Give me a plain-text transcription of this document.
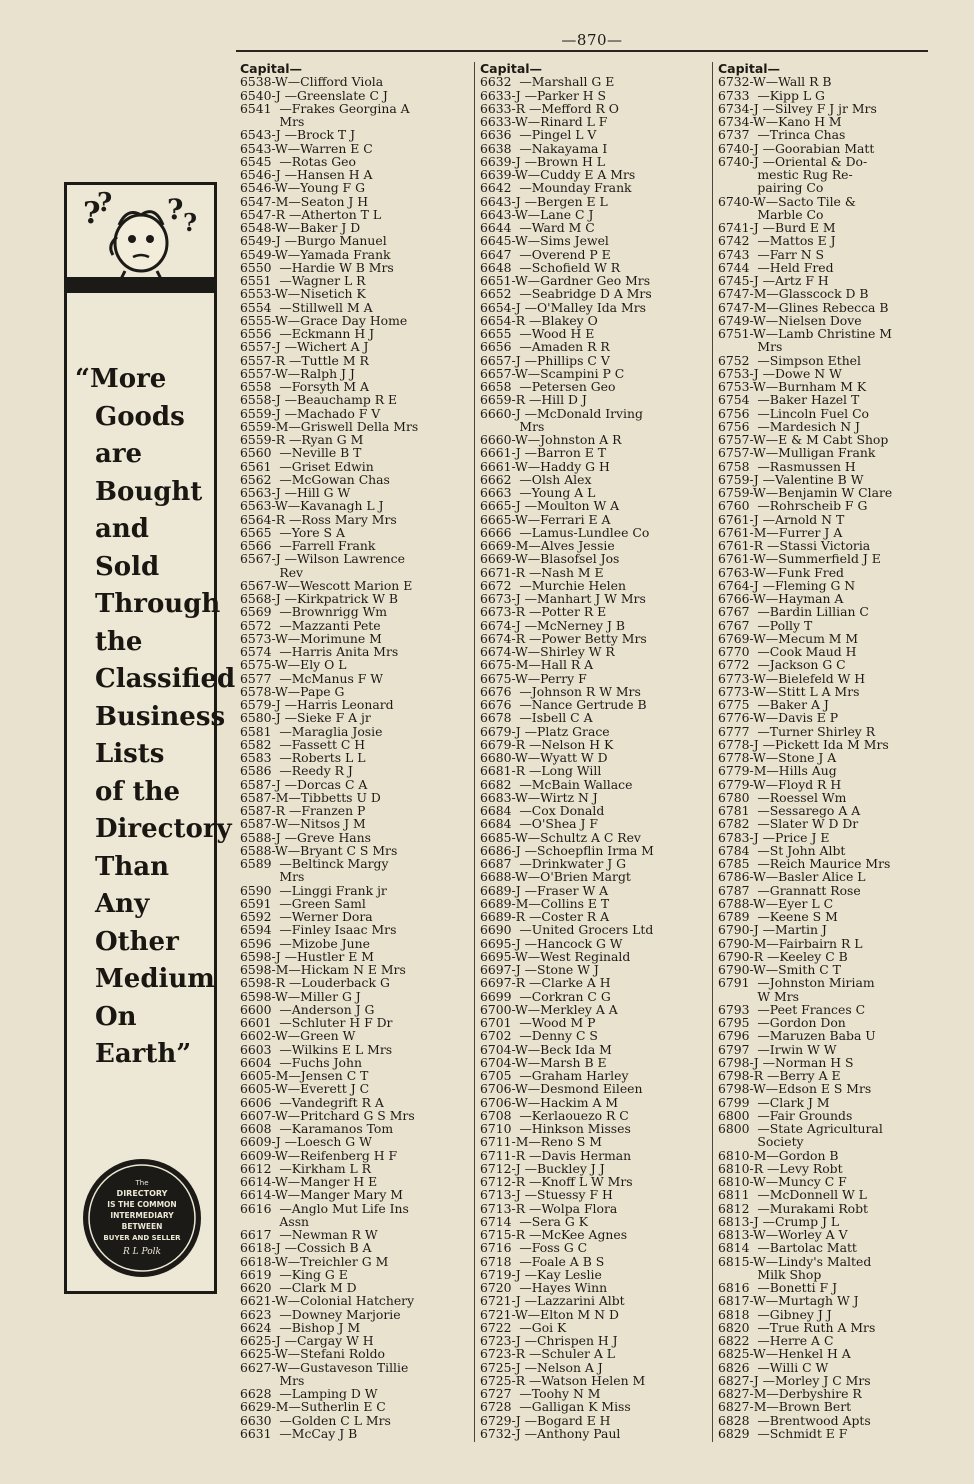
—870—
?
? ? ?
“More
Goods
are
Bought
and
Sold
Through
the
Classified
Business
Lists
of the
Directory
Than
Any
Other
Medium
On
Earth”
The
DIRECTORY
IS THE COMMON
INTERMEDIARY
BETWEEN
BUYER AND SELLER
R L Polk
Capital—
6538-W—Clifford Viola
6540-J —Greenslate C J
6541  —Frakes Georgina A
Mrs
6543-J —Brock T J
6543-W—Warren E C
6545  —Rotas Geo
6546-J —Hansen H A
6546-W—Young F G
6547-M—Seaton J H
6547-R —Atherton T L
6548-W—Baker J D
6549-J —Burgo Manuel
6549-W—Yamada Frank
6550  —Hardie W B Mrs
6551  —Wagner L R
6553-W—Nisetich K
6554  —Stillwell M A
6555-W—Grace Day Home
6556  —Eckmann H J
6557-J —Wichert A J
6557-R —Tuttle M R
6557-W—Ralph J J
6558  —Forsyth M A
6558-J —Beauchamp R E
6559-J —Machado F V
6559-M—Griswell Della Mrs
6559-R —Ryan G M
6560  —Neville B T
6561  —Griset Edwin
6562  —McGowan Chas
6563-J —Hill G W
6563-W—Kavanagh L J
6564-R —Ross Mary Mrs
6565  —Yore S A
6566  —Farrell Frank
6567-J —Wilson Lawrence
Rev
6567-W—Wescott Marion E
6568-J —Kirkpatrick W B
6569  —Brownrigg Wm
6572  —Mazzanti Pete
6573-W—Morimune M
6574  —Harris Anita Mrs
6575-W—Ely O L
6577  —McManus F W
6578-W—Pape G
6579-J —Harris Leonard
6580-J —Sieke F A jr
6581  —Maraglia Josie
6582  —Fassett C H
6583  —Roberts L L
6586  —Reedy R J
6587-J —Dorcas C A
6587-M—Tibbetts U D
6587-R —Franzen P
6587-W—Nitsos J M
6588-J —Greve Hans
6588-W—Bryant C S Mrs
6589  —Beltinck Margy
Mrs
6590  —Linggi Frank jr
6591  —Green Saml
6592  —Werner Dora
6594  —Finley Isaac Mrs
6596  —Mizobe June
6598-J —Hustler E M
6598-M—Hickam N E Mrs
6598-R —Louderback G
6598-W—Miller G J
6600  —Anderson J G
6601  —Schluter H F Dr
6602-W—Green W
6603  —Wilkins E L Mrs
6604  —Fuchs John
6605-M—Jensen C T
6605-W—Everett J C
6606  —Vandegrift R A
6607-W—Pritchard G S Mrs
6608  —Karamanos Tom
6609-J —Loesch G W
6609-W—Reifenberg H F
6612  —Kirkham L R
6614-W—Manger H E
6614-W—Manger Mary M
6616  —Anglo Mut Life Ins
Assn
6617  —Newman R W
6618-J —Cossich B A
6618-W—Treichler G M
6619  —King G E
6620  —Clark M D
6621-W—Colonial Hatchery
6623  —Downey Marjorie
6624  —Bishop J M
6625-J —Cargay W H
6625-W—Stefani Roldo
6627-W—Gustaveson Tillie
Mrs
6628  —Lamping D W
6629-M—Sutherlin E C
6630  —Golden C L Mrs
6631  —McCay J B
Capital—
6632  —Marshall G E
6633-J —Parker H S
6633-R —Mefford R O
6633-W—Rinard L F
6636  —Pingel L V
6638  —Nakayama I
6639-J —Brown H L
6639-W—Cuddy E A Mrs
6642  —Mounday Frank
6643-J —Bergen E L
6643-W—Lane C J
6644  —Ward M C
6645-W—Sims Jewel
6647  —Overend P E
6648  —Schofield W R
6651-W—Gardner Geo Mrs
6652  —Seabridge D A Mrs
6654-J —O'Malley Ida Mrs
6654-R —Blakey O
6655  —Wood H E
6656  —Amaden R R
6657-J —Phillips C V
6657-W—Scampini P C
6658  —Petersen Geo
6659-R —Hill D J
6660-J —McDonald Irving
Mrs
6660-W—Johnston A R
6661-J —Barron E T
6661-W—Haddy G H
6662  —Olsh Alex
6663  —Young A L
6665-J —Moulton W A
6665-W—Ferrari E A
6666  —Lamus-Lundlee Co
6669-M—Alves Jessie
6669-W—Blasofsel Jos
6671-R —Nash M E
6672  —Murchie Helen
6673-J —Manhart J W Mrs
6673-R —Potter R E
6674-J —McNerney J B
6674-R —Power Betty Mrs
6674-W—Shirley W R
6675-M—Hall R A
6675-W—Perry F
6676  —Johnson R W Mrs
6676  —Nance Gertrude B
6678  —Isbell C A
6679-J —Platz Grace
6679-R —Nelson H K
6680-W—Wyatt W D
6681-R —Long Will
6682  —McBain Wallace
6683-W—Wirtz N J
6684  —Cox Donald
6684  —O'Shea J F
6685-W—Schultz A C Rev
6686-J —Schoepflin Irma M
6687  —Drinkwater J G
6688-W—O'Brien Margt
6689-J —Fraser W A
6689-M—Collins E T
6689-R —Coster R A
6690  —United Grocers Ltd
6695-J —Hancock G W
6695-W—West Reginald
6697-J —Stone W J
6697-R —Clarke A H
6699  —Corkran C G
6700-W—Merkley A A
6701  —Wood M P
6702  —Denny C S
6704-W—Beck Ida M
6704-W—Marsh B E
6705  —Graham Harley
6706-W—Desmond Eileen
6706-W—Hackim A M
6708  —Kerlaouezo R C
6710  —Hinkson Misses
6711-M—Reno S M
6711-R —Davis Herman
6712-J —Buckley J J
6712-R —Knoff L W Mrs
6713-J —Stuessy F H
6713-R —Wolpa Flora
6714  —Sera G K
6715-R —McKee Agnes
6716  —Foss G C
6718  —Foale A B S
6719-J —Kay Leslie
6720  —Hayes Winn
6721-J —Lazzarini Albt
6721-W—Elton M N D
6722  —Goi K
6723-J —Chrispen H J
6723-R —Schuler A L
6725-J —Nelson A J
6725-R —Watson Helen M
6727  —Toohy N M
6728  —Galligan K Miss
6729-J —Bogard E H
6732-J —Anthony Paul
Capital—
6732-W—Wall R B
6733  —Kipp L G
6734-J —Silvey F J jr Mrs
6734-W—Kano H M
6737  —Trinca Chas
6740-J —Goorabian Matt
6740-J —Oriental & Do-
mestic Rug Re-
pairing Co
6740-W—Sacto Tile &
Marble Co
6741-J —Burd E M
6742  —Mattos E J
6743  —Farr N S
6744  —Held Fred
6745-J —Artz F H
6747-M—Glasscock D B
6747-M—Glines Rebecca B
6749-W—Nielsen Dove
6751-W—Lamb Christine M
Mrs
6752  —Simpson Ethel
6753-J —Dowe N W
6753-W—Burnham M K
6754  —Baker Hazel T
6756  —Lincoln Fuel Co
6756  —Mardesich N J
6757-W—E & M Cabt Shop
6757-W—Mulligan Frank
6758  —Rasmussen H
6759-J —Valentine B W
6759-W—Benjamin W Clare
6760  —Rohrscheib F G
6761-J —Arnold N T
6761-M—Furrer J A
6761-R —Stassi Victoria
6761-W—Summerfield J E
6763-W—Funk Fred
6764-J —Fleming G N
6766-W—Hayman A
6767  —Bardin Lillian C
6767  —Polly T
6769-W—Mecum M M
6770  —Cook Maud H
6772  —Jackson G C
6773-W—Bielefeld W H
6773-W—Stitt L A Mrs
6775  —Baker A J
6776-W—Davis E P
6777  —Turner Shirley R
6778-J —Pickett Ida M Mrs
6778-W—Stone J A
6779-M—Hills Aug
6779-W—Floyd R H
6780  —Roessel Wm
6781  —Sessarego A A
6782  —Slater W D Dr
6783-J —Price J E
6784  —St John Albt
6785  —Reich Maurice Mrs
6786-W—Basler Alice L
6787  —Grannatt Rose
6788-W—Eyer L C
6789  —Keene S M
6790-J —Martin J
6790-M—Fairbairn R L
6790-R —Keeley C B
6790-W—Smith C T
6791  —Johnston Miriam
W Mrs
6793  —Peet Frances C
6795  —Gordon Don
6796  —Maruzen Baba U
6797  —Irwin W W
6798-J —Norman H S
6798-R —Berry A E
6798-W—Edson E S Mrs
6799  —Clark J M
6800  —Fair Grounds
6800  —State Agricultural
Society
6810-M—Gordon B
6810-R —Levy Robt
6810-W—Muncy C F
6811  —McDonnell W L
6812  —Murakami Robt
6813-J —Crump J L
6813-W—Worley A V
6814  —Bartolac Matt
6815-W—Lindy's Malted
Milk Shop
6816  —Bonetti F J
6817-W—Murtagh W J
6818  —Gibney J J
6820  —True Ruth A Mrs
6822  —Herre A C
6825-W—Henkel H A
6826  —Willi C W
6827-J —Morley J C Mrs
6827-M—Derbyshire R
6827-M—Brown Bert
6828  —Brentwood Apts
6829  —Schmidt E F
